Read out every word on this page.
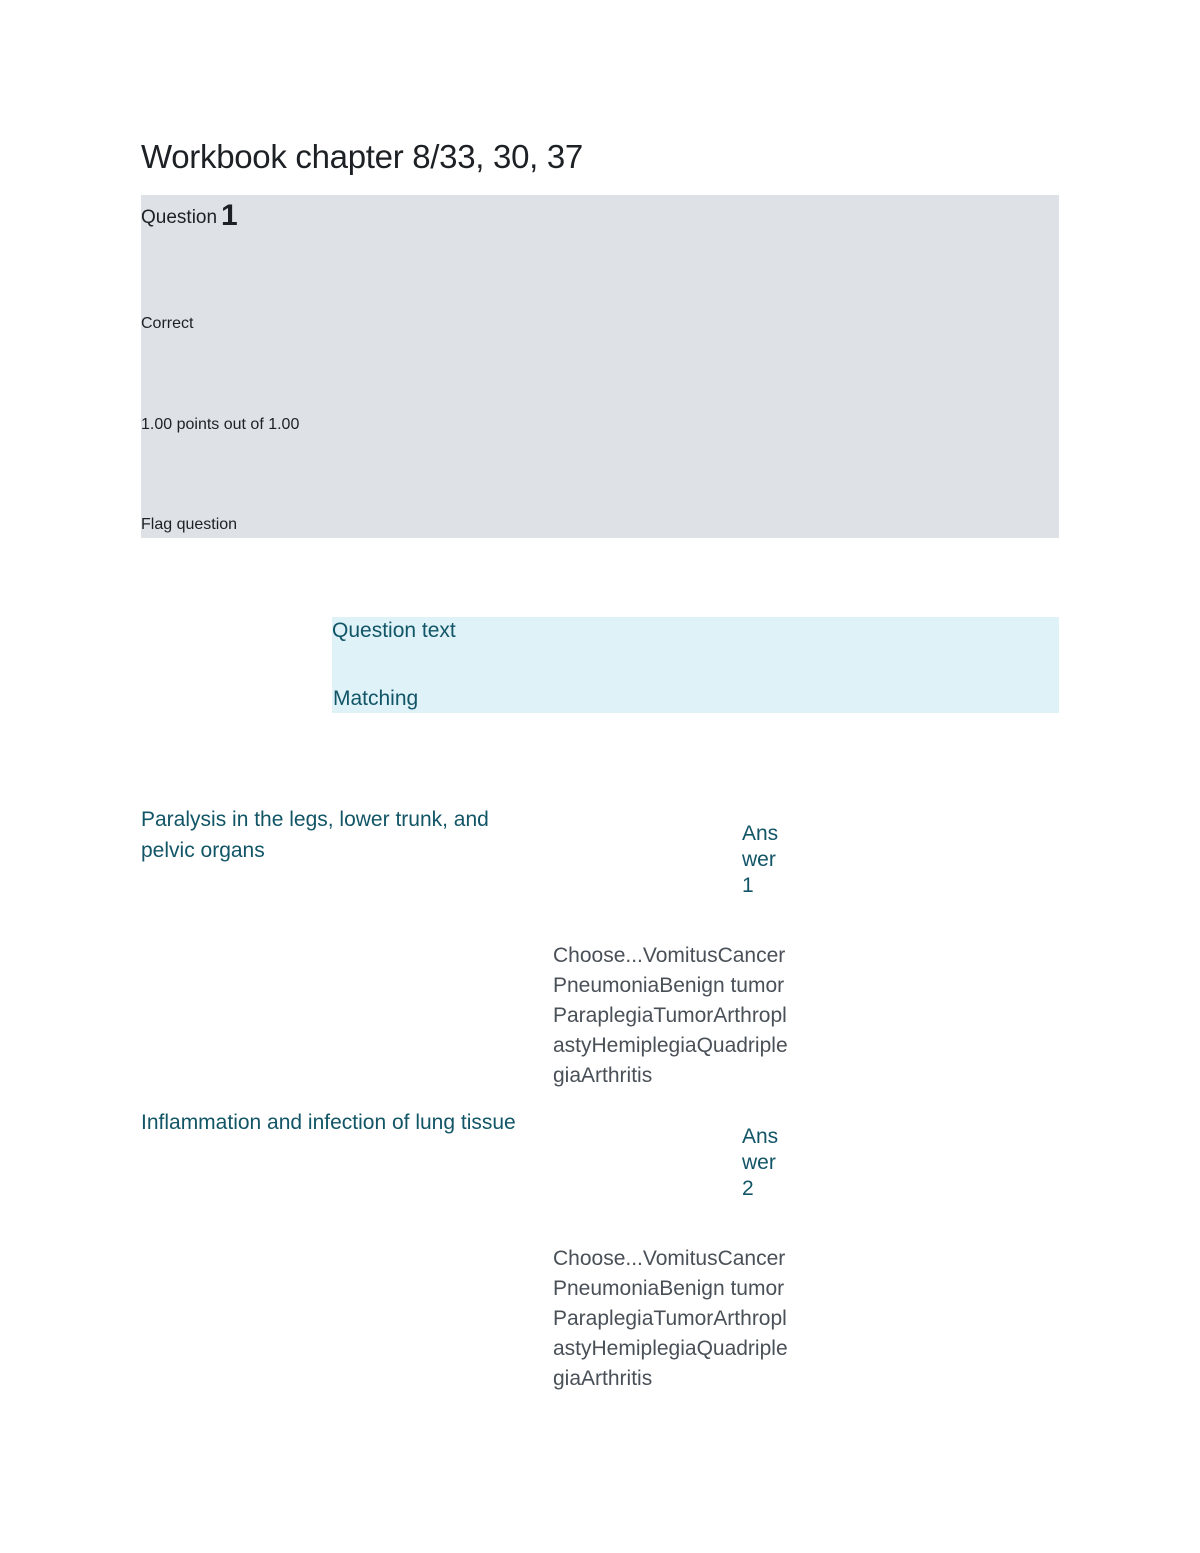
Workbook chapter 8/33, 30, 37
Question 1
Correct
1.00 points out of 1.00
Flag question
Question text
Matching
Paralysis in the legs, lower trunk, and pelvic organs
Answer 1
Choose...VomitusCancerPneumoniaBenign tumorParaplegiaTumorArthroplastyHemiplegiaQuadriplegiaArthritis
Inflammation and infection of lung tissue
Answer 2
Choose...VomitusCancerPneumoniaBenign tumorParaplegiaTumorArthroplastyHemiplegiaQuadriplegiaArthritis
